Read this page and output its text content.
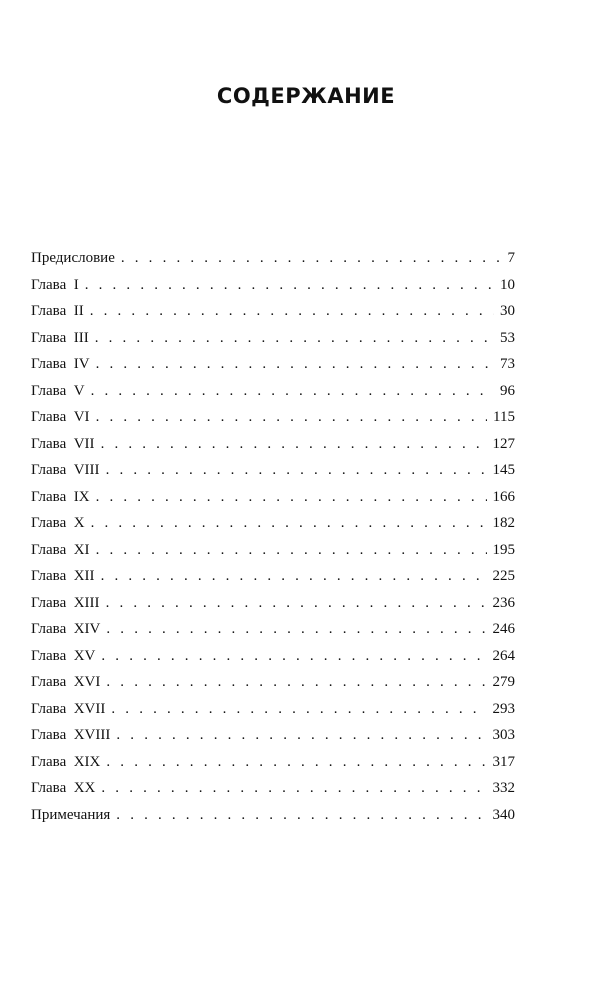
СОДЕРЖАНИЕ
Предисловие . . .	7
Глава  I . . .	10
Глава  II . . .	30
Глава  III . . .	53
Глава  IV . . .	73
Глава  V . . .	96
Глава  VI . . .	115
Глава  VII . . .	127
Глава  VIII . . .	145
Глава  IX . . .	166
Глава  X . . .	182
Глава  XI . . .	195
Глава  XII . . .	225
Глава  XIII . . .	236
Глава  XIV . . .	246
Глава  XV . . .	264
Глава  XVI . . .	279
Глава  XVII . . .	293
Глава  XVIII . . .	303
Глава  XIX . . .	317
Глава  XX . . .	332
Примечания . . .	340
